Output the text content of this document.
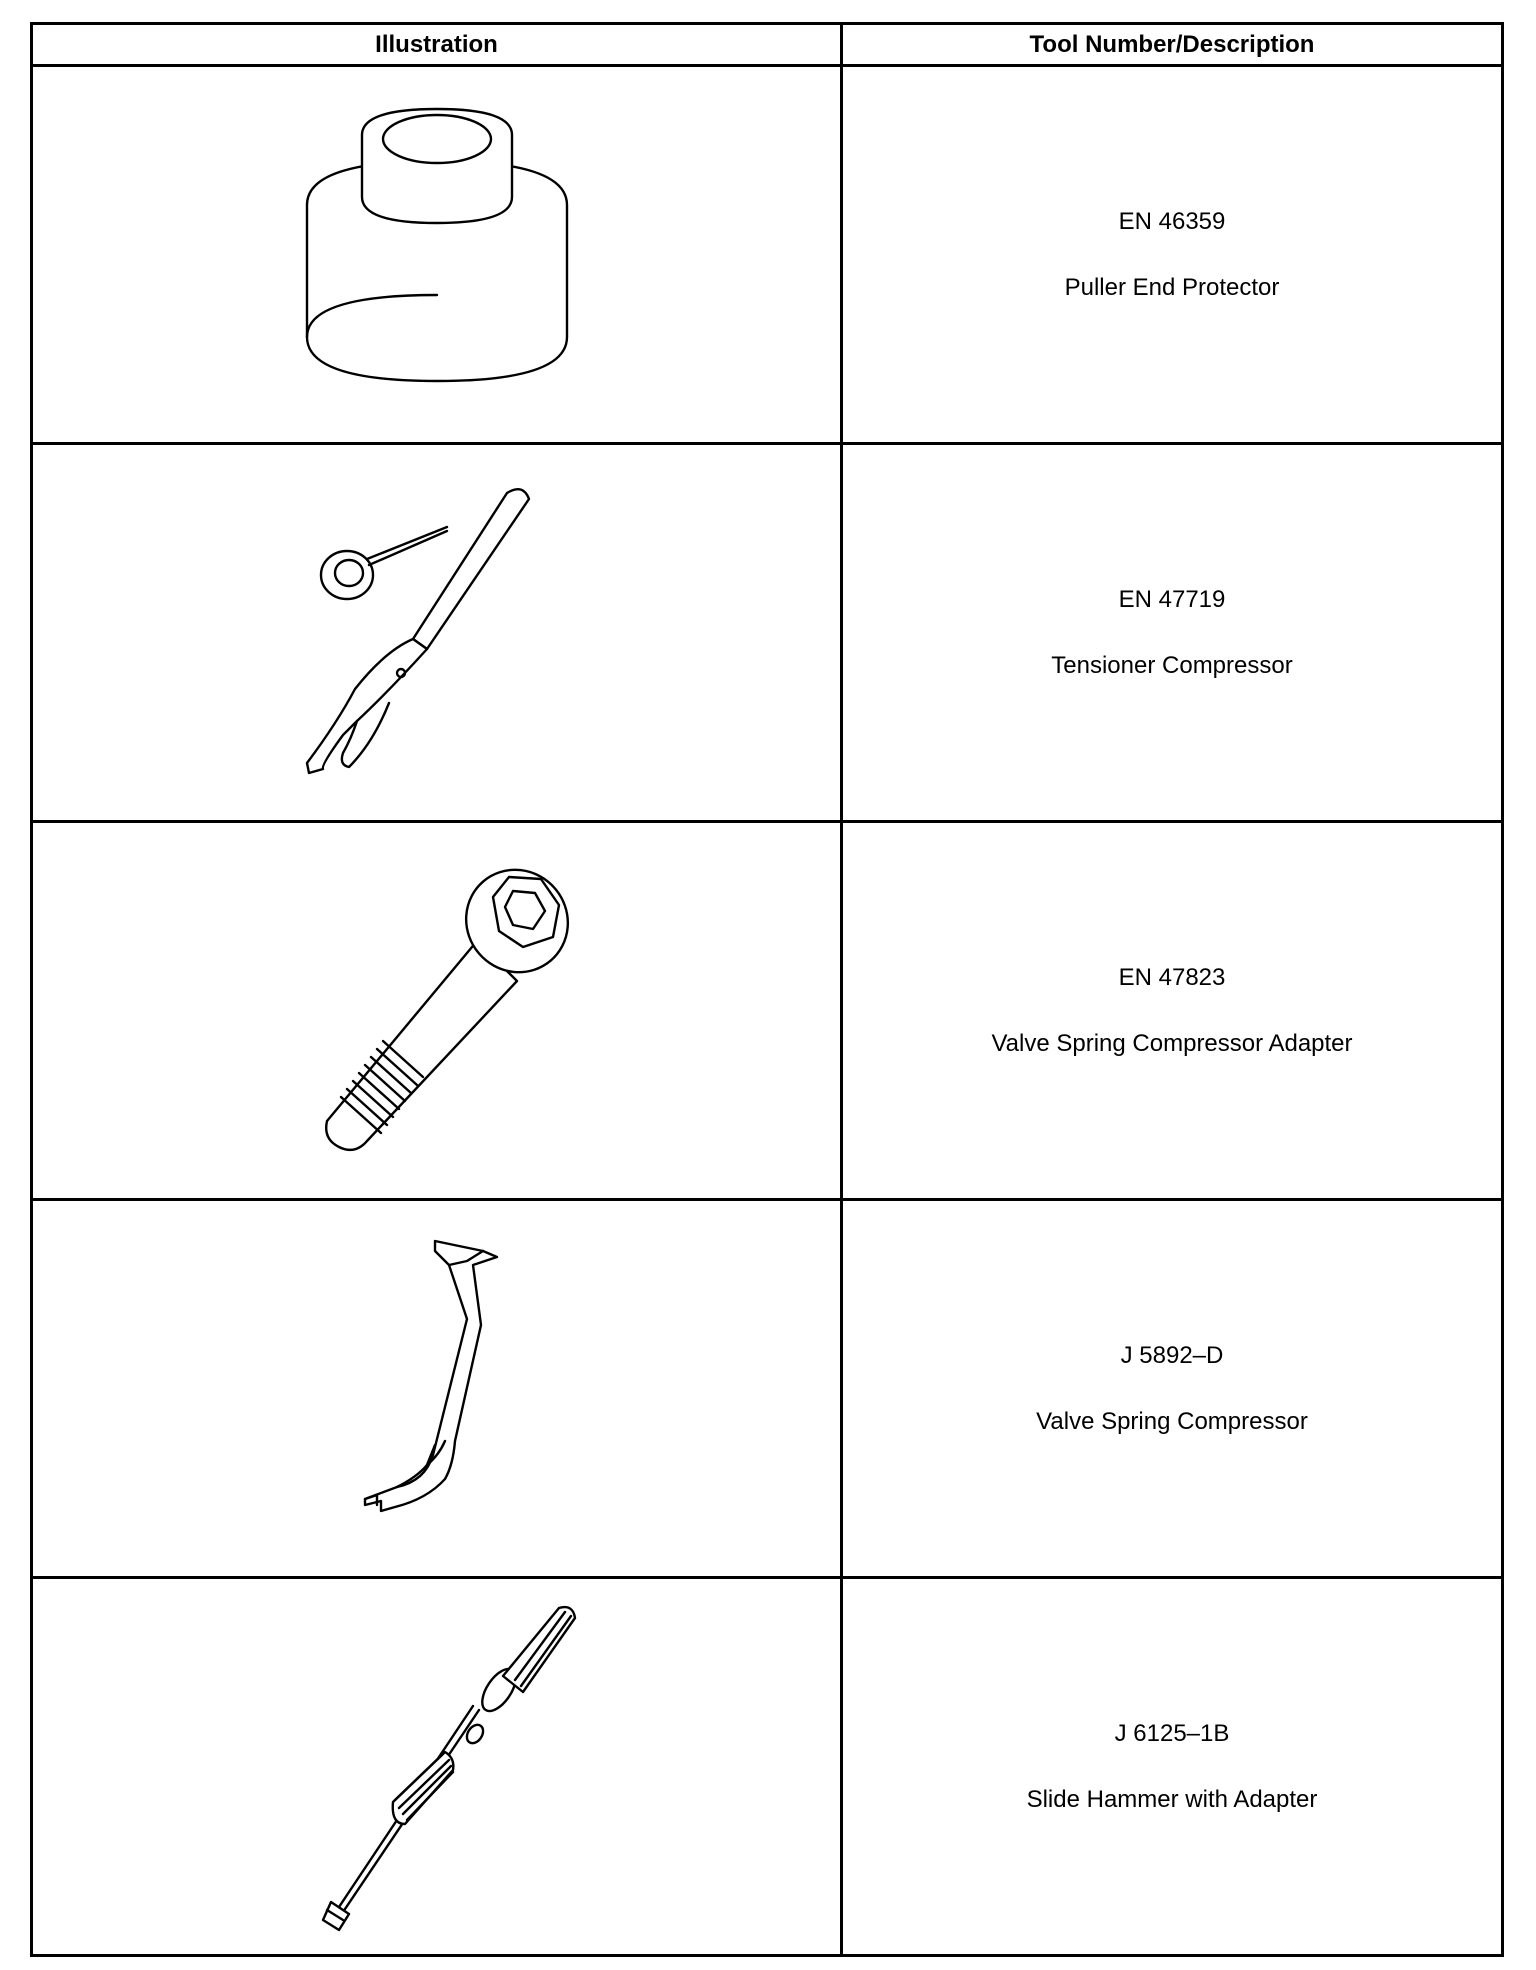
Illustration	Tool Number/Description

EN 46359
Puller End Protector

EN 47719
Tensioner Compressor

EN 47823
Valve Spring Compressor Adapter

J 5892–D
Valve Spring Compressor

J 6125–1B
Slide Hammer with Adapter
